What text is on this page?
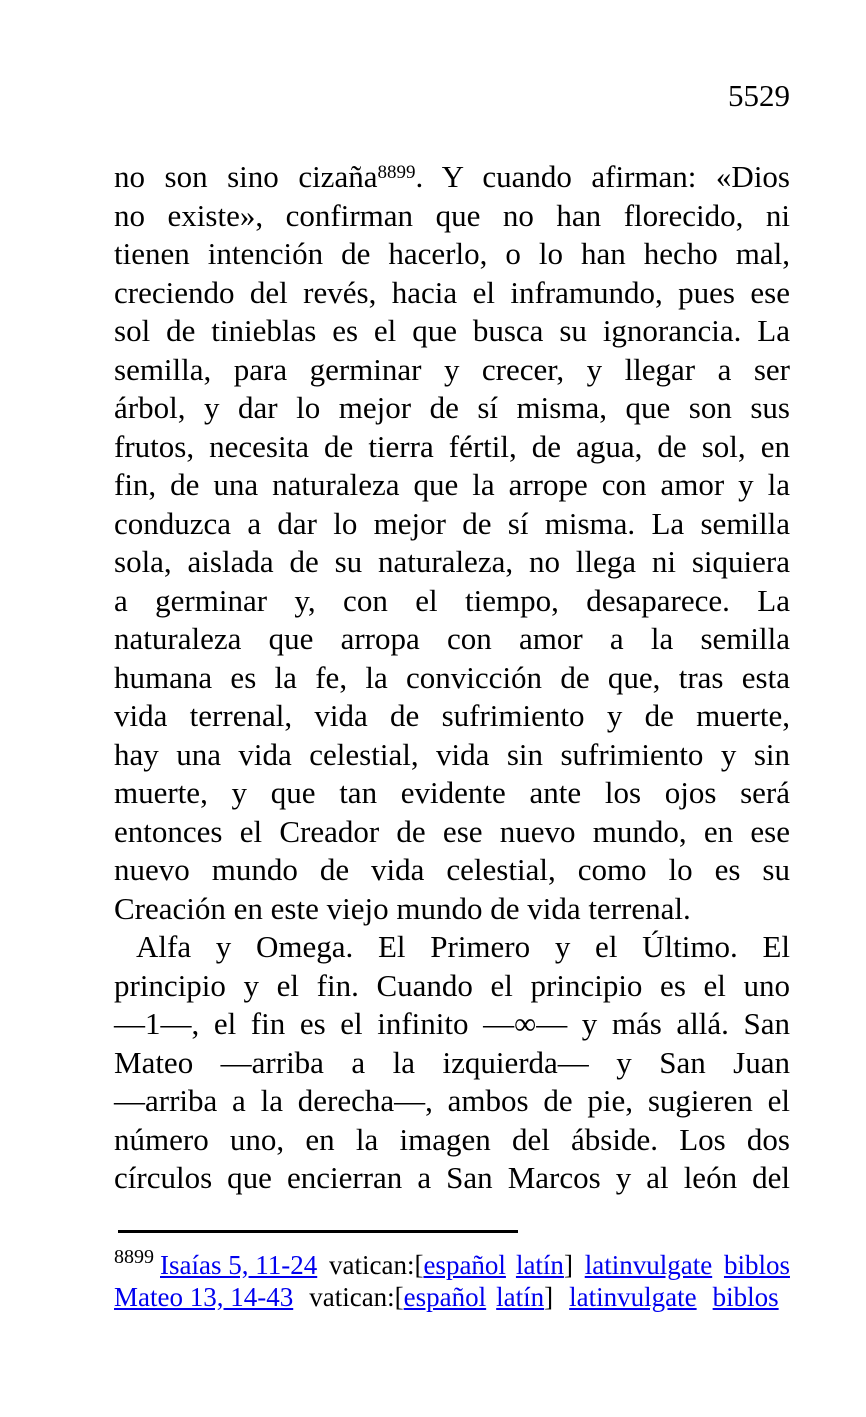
5529
no son sino cizaña$^{8899}$. Y cuando afirman: «Dios
no existe», confirman que no han florecido, ni
tienen intención de hacerlo, o lo han hecho mal,
creciendo del revés, hacia el inframundo, pues ese
sol de tinieblas es el que busca su ignorancia. La
semilla, para germinar y crecer, y llegar a ser
árbol, y dar lo mejor de sí misma, que son sus
frutos, necesita de tierra fértil, de agua, de sol, en
fin, de una naturaleza que la arrope con amor y la
conduzca a dar lo mejor de sí misma. La semilla
sola, aislada de su naturaleza, no llega ni siquiera
a germinar y, con el tiempo, desaparece. La
naturaleza que arropa con amor a la semilla
humana es la fe, la convicción de que, tras esta
vida terrenal, vida de sufrimiento y de muerte,
hay una vida celestial, vida sin sufrimiento y sin
muerte, y que tan evidente ante los ojos será
entonces el Creador de ese nuevo mundo, en ese
nuevo mundo de vida celestial, como lo es su
Creación en este viejo mundo de vida terrenal.
Alfa y Omega. El Primero y el Último. El
principio y el fin. Cuando el principio es el uno
—1—, el fin es el infinito —∞— y más allá. San
Mateo —arriba a la izquierda— y San Juan
—arriba a la derecha—, ambos de pie, sugieren el
número uno, en la imagen del ábside. Los dos
círculos que encierran a San Marcos y al león del
$^{8899}$ Isaías 5, 11-24 vatican:[español latín] latinvulgate biblos
Mateo 13, 14-43 vatican:[español latín] latinvulgate biblos
